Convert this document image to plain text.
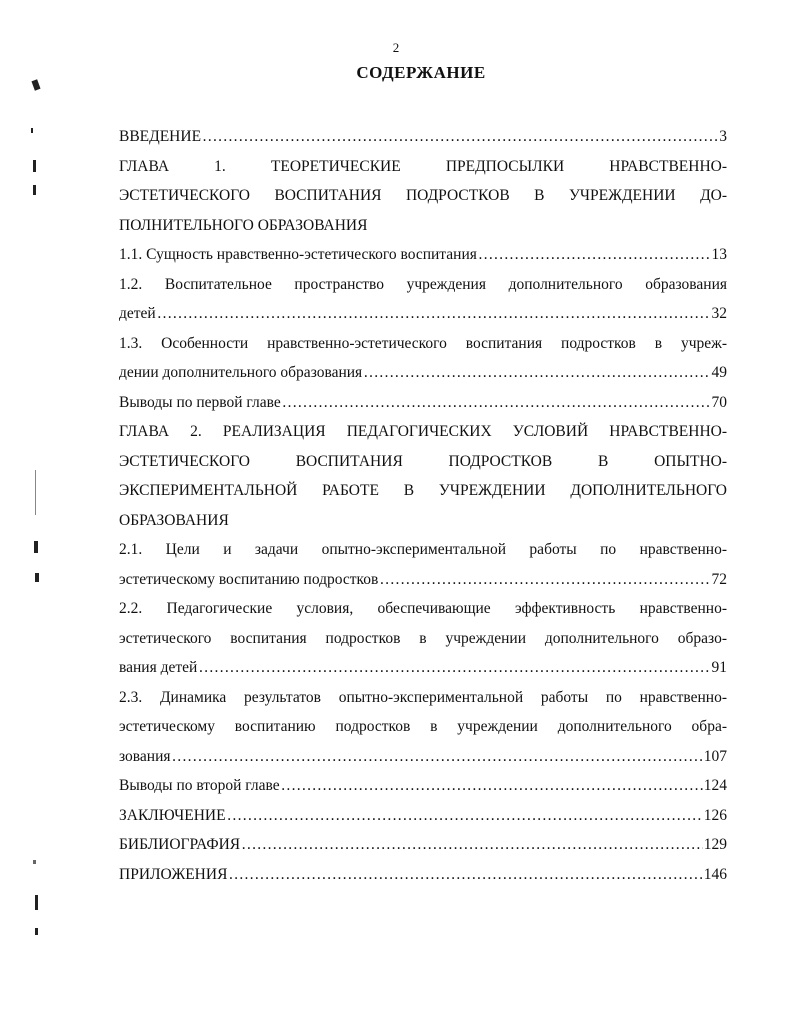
2
СОДЕРЖАНИЕ
ВВЕДЕНИЕ ……………………………………………………………………………………………………………………………………………………	3
ГЛАВА 1. ТЕОРЕТИЧЕСКИЕ ПРЕДПОСЫЛКИ НРАВСТВЕННО-
ЭСТЕТИЧЕСКОГО ВОСПИТАНИЯ ПОДРОСТКОВ В УЧРЕЖДЕНИИ ДО-
ПОЛНИТЕЛЬНОГО ОБРАЗОВАНИЯ
1.1. Сущность нравственно-эстетического воспитания ……………………………………………………………………………………………………………………………………………………	13
1.2. Воспитательное пространство учреждения дополнительного образования
детей ……………………………………………………………………………………………………………………………………………………	32
1.3. Особенности нравственно-эстетического воспитания подростков в учреж-
дении дополнительного образования ……………………………………………………………………………………………………………………………………………………	49
Выводы по первой главе ……………………………………………………………………………………………………………………………………………………	70
ГЛАВА 2. РЕАЛИЗАЦИЯ ПЕДАГОГИЧЕСКИХ УСЛОВИЙ НРАВСТВЕННО-
ЭСТЕТИЧЕСКОГО ВОСПИТАНИЯ ПОДРОСТКОВ В ОПЫТНО-
ЭКСПЕРИМЕНТАЛЬНОЙ РАБОТЕ В УЧРЕЖДЕНИИ ДОПОЛНИТЕЛЬНОГО
ОБРАЗОВАНИЯ
2.1. Цели и задачи опытно-экспериментальной работы по нравственно-
эстетическому воспитанию подростков ……………………………………………………………………………………………………………………………………………………	72
2.2. Педагогические условия, обеспечивающие эффективность нравственно-
эстетического воспитания подростков в учреждении дополнительного образо-
вания детей ……………………………………………………………………………………………………………………………………………………	91
2.3. Динамика результатов опытно-экспериментальной работы по нравственно-
эстетическому воспитанию подростков в учреждении дополнительного обра-
зования ……………………………………………………………………………………………………………………………………………………	107
Выводы по второй главе ……………………………………………………………………………………………………………………………………………………	124
ЗАКЛЮЧЕНИЕ ……………………………………………………………………………………………………………………………………………………	126
БИБЛИОГРАФИЯ ……………………………………………………………………………………………………………………………………………………	129
ПРИЛОЖЕНИЯ ……………………………………………………………………………………………………………………………………………………	146
